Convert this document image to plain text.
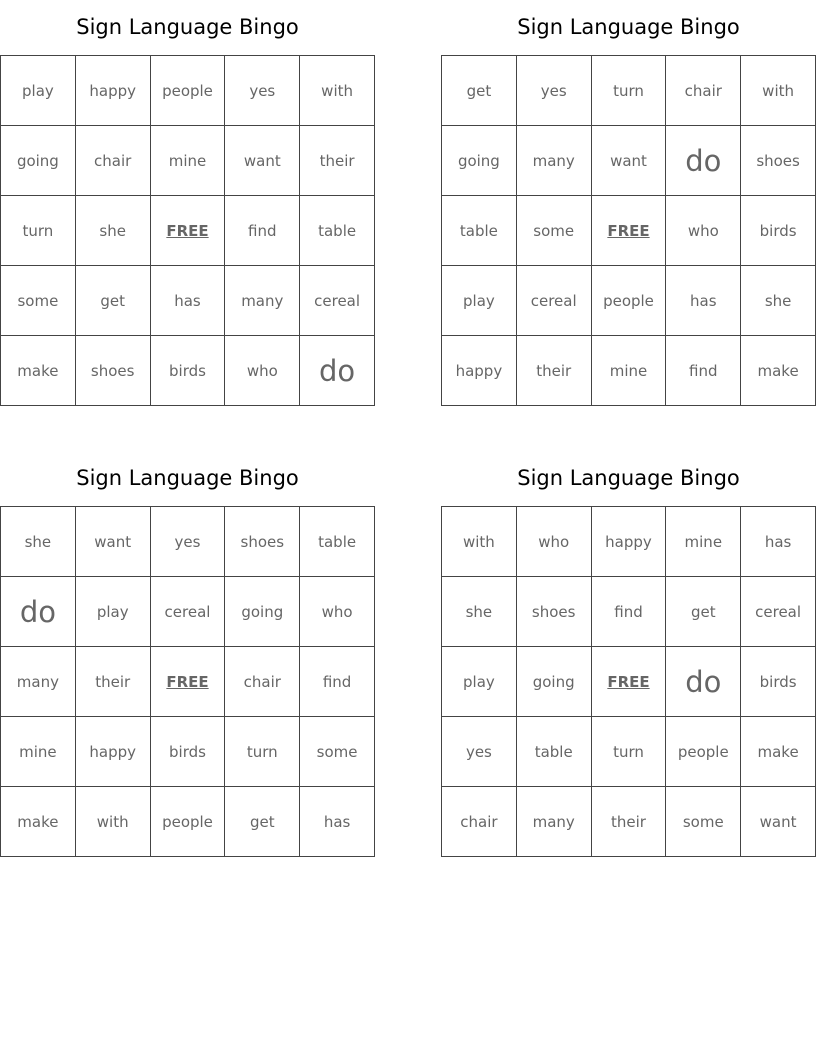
Sign Language Bingo
play	happy	people	yes	with
going	chair	mine	want	their
turn	she	FREE	find	table
some	get	has	many	cereal
make	shoes	birds	who	do
Sign Language Bingo
get	yes	turn	chair	with
going	many	want	do	shoes
table	some	FREE	who	birds
play	cereal	people	has	she
happy	their	mine	find	make
Sign Language Bingo
she	want	yes	shoes	table
do	play	cereal	going	who
many	their	FREE	chair	find
mine	happy	birds	turn	some
make	with	people	get	has
Sign Language Bingo
with	who	happy	mine	has
she	shoes	find	get	cereal
play	going	FREE	do	birds
yes	table	turn	people	make
chair	many	their	some	want
